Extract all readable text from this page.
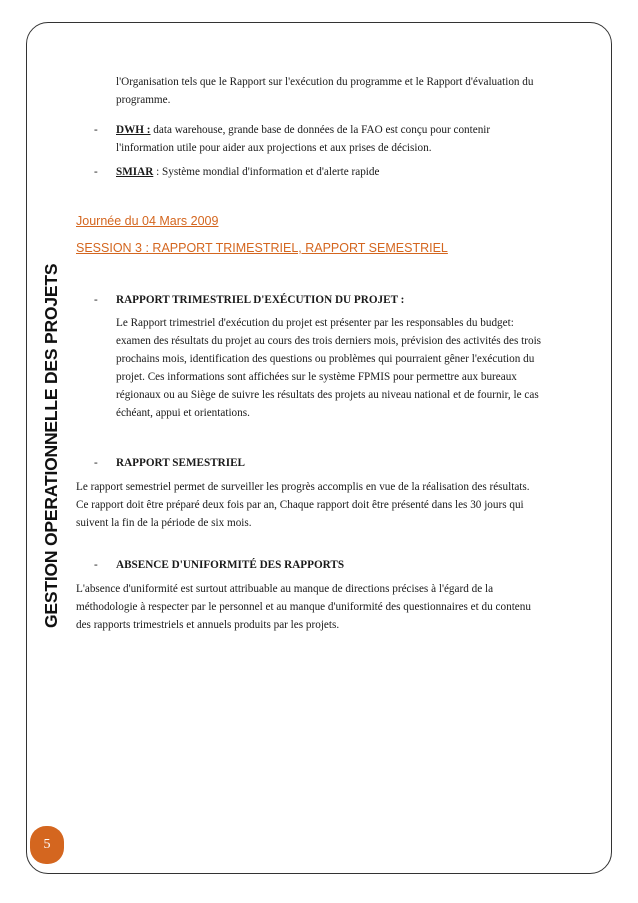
GESTION OPERATIONNELLE DES PROJETS
l'Organisation tels que le Rapport sur l'exécution du programme et le Rapport d'évaluation du
programme.
- DWH : data warehouse, grande base de données de la FAO est conçu pour contenir
l'information utile pour aider aux projections et aux prises de décision.
- SMIAR : Système mondial d'information et d'alerte rapide
Journée du 04 Mars 2009
SESSION 3 : RAPPORT TRIMESTRIEL, RAPPORT SEMESTRIEL
- RAPPORT TRIMESTRIEL D'EXÉCUTION DU PROJET :
Le Rapport trimestriel d'exécution du projet est présenter par les responsables du budget:
examen des résultats du projet au cours des trois derniers mois, prévision des activités des trois
prochains mois, identification des questions ou problèmes qui pourraient gêner l'exécution du
projet. Ces informations sont affichées sur le système FPMIS pour permettre aux bureaux
régionaux ou au Siège de suivre les résultats des projets au niveau national et de fournir, le cas
échéant, appui et orientations.
- RAPPORT SEMESTRIEL
Le rapport semestriel permet de surveiller les progrès accomplis en vue de la réalisation des résultats.
Ce rapport doit être préparé deux fois par an, Chaque rapport doit être présenté dans les 30 jours qui
suivent la fin de la période de six mois.
- ABSENCE D'UNIFORMITÉ DES RAPPORTS
L'absence d'uniformité est surtout attribuable au manque de directions précises à l'égard de la
méthodologie à respecter par le personnel et au manque d'uniformité des questionnaires et du contenu
des rapports trimestriels et annuels produits par les projets.
5
